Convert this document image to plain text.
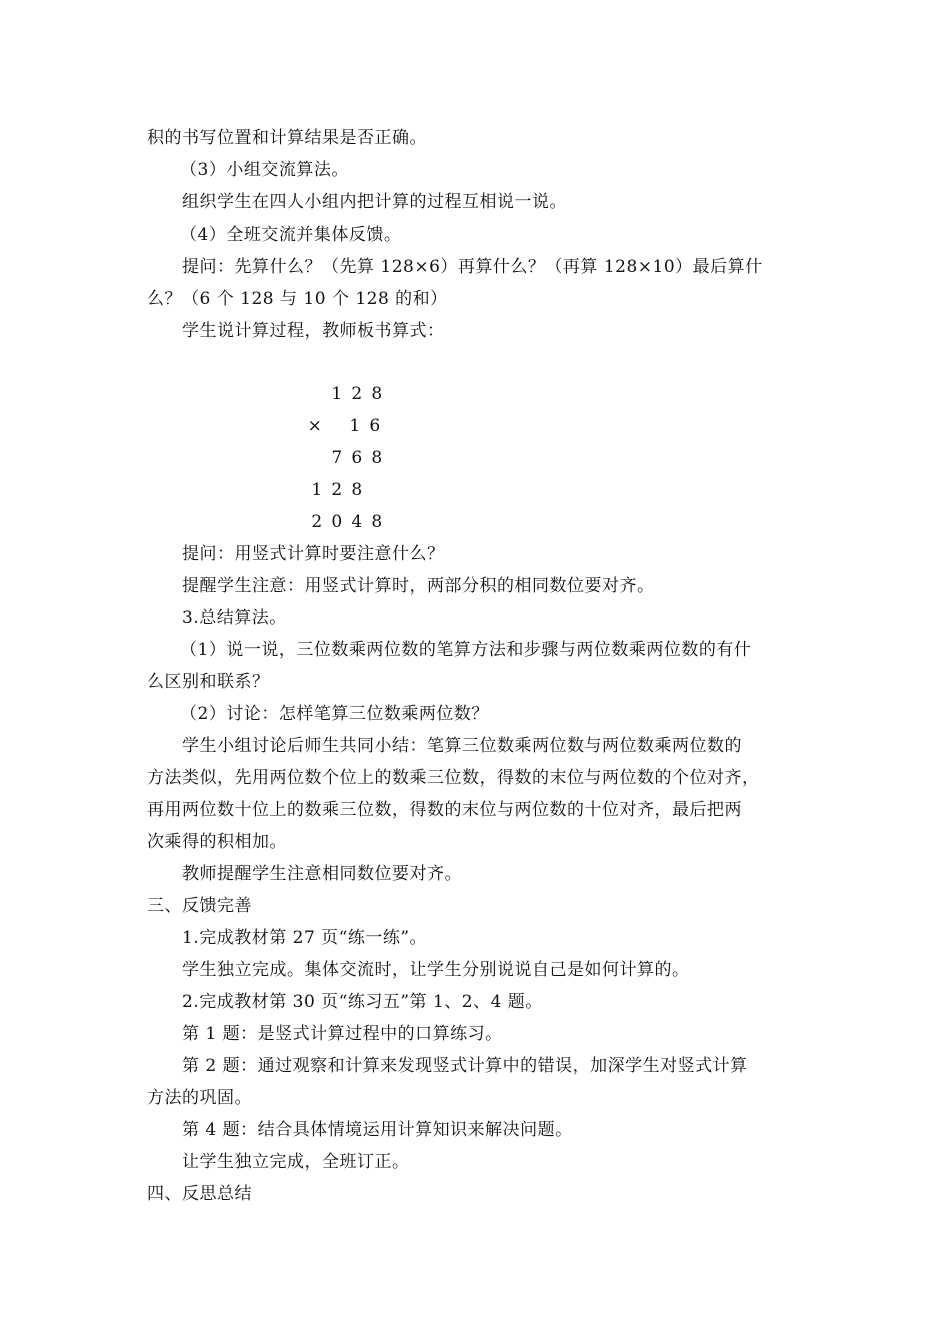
积的书写位置和计算结果是否正确。
（3）小组交流算法。
组织学生在四人小组内把计算的过程互相说一说。
（4）全班交流并集体反馈。
提问：先算什么？（先算 128×6）再算什么？（再算 128×10）最后算什
么？（6 个 128 与 10 个 128 的和）
学生说计算过程，教师板书算式：
1 2 8
× 1 6
7 6 8
1 2 8
2 0 4 8
提问：用竖式计算时要注意什么？
提醒学生注意：用竖式计算时，两部分积的相同数位要对齐。
3.总结算法。
（1）说一说，三位数乘两位数的笔算方法和步骤与两位数乘两位数的有什
么区别和联系？
（2）讨论：怎样笔算三位数乘两位数？
学生小组讨论后师生共同小结：笔算三位数乘两位数与两位数乘两位数的
方法类似，先用两位数个位上的数乘三位数，得数的末位与两位数的个位对齐，
再用两位数十位上的数乘三位数，得数的末位与两位数的十位对齐，最后把两
次乘得的积相加。
教师提醒学生注意相同数位要对齐。
三、反馈完善
1.完成教材第 27 页“练一练”。
学生独立完成。集体交流时，让学生分别说说自己是如何计算的。
2.完成教材第 30 页“练习五”第 1、2、4 题。
第 1 题：是竖式计算过程中的口算练习。
第 2 题：通过观察和计算来发现竖式计算中的错误，加深学生对竖式计算
方法的巩固。
第 4 题：结合具体情境运用计算知识来解决问题。
让学生独立完成，全班订正。
四、反思总结
